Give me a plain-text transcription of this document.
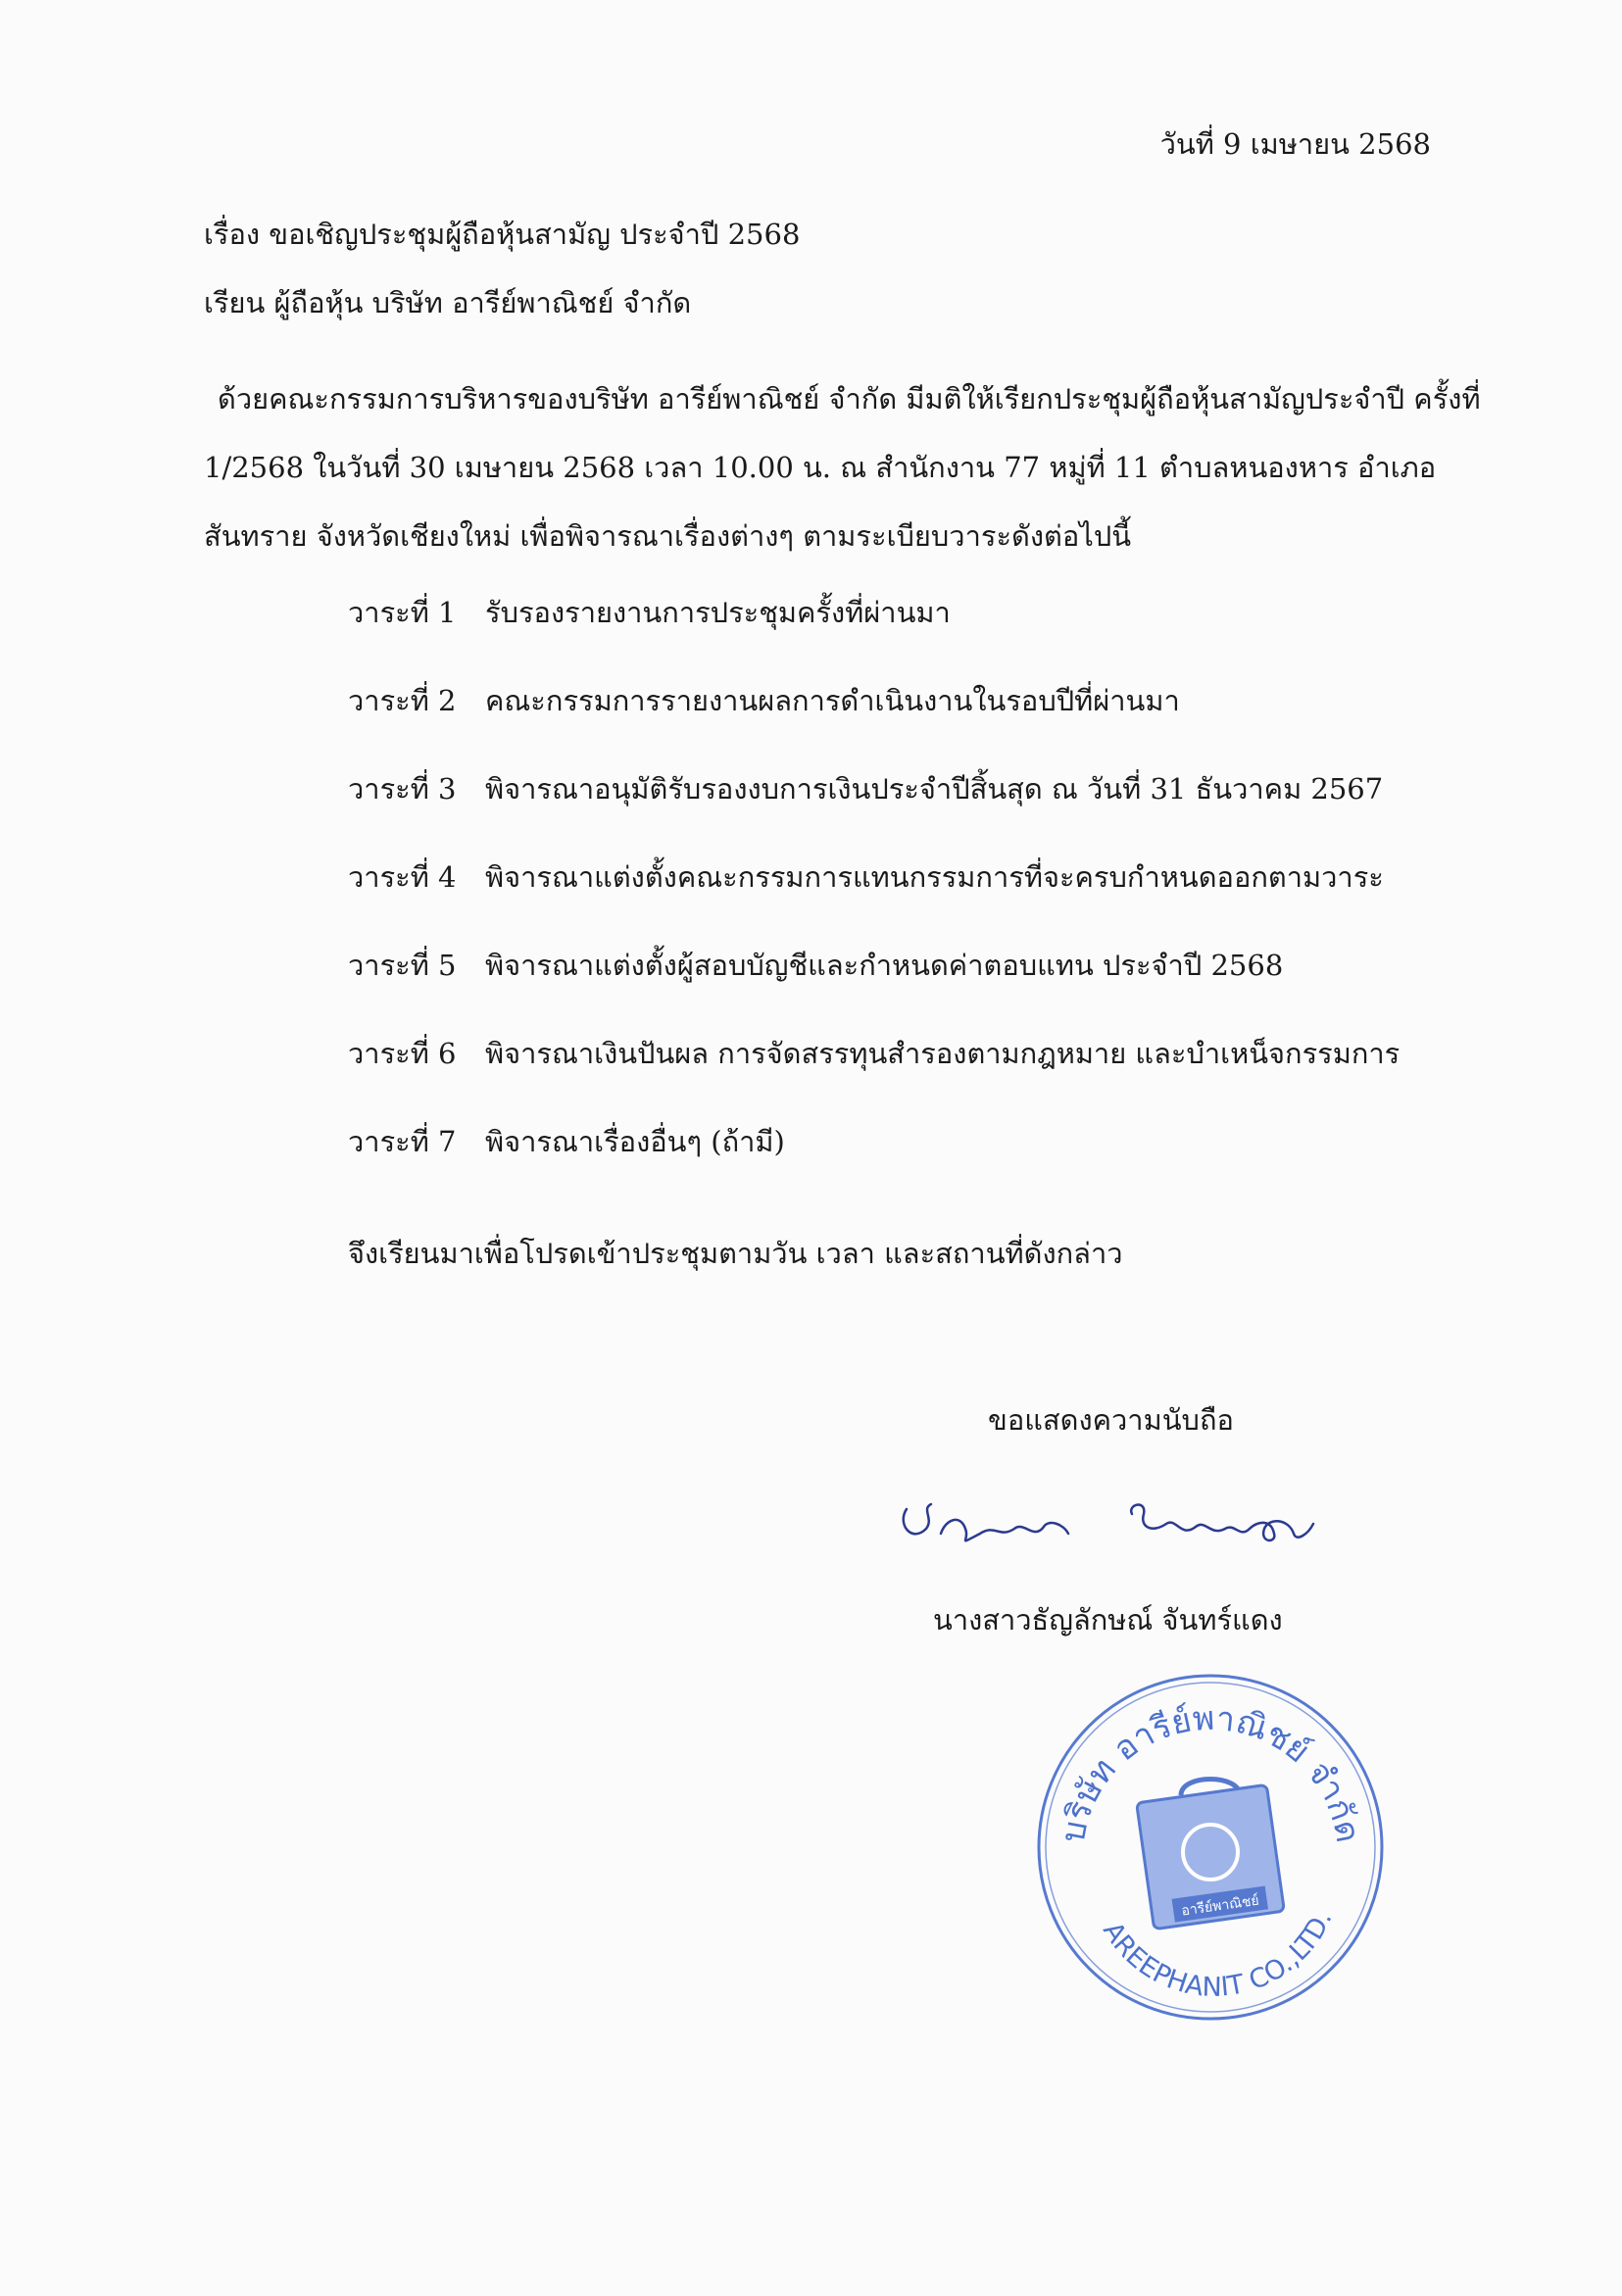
วันที่ 9 เมษายน 2568
เรื่อง ขอเชิญประชุมผู้ถือหุ้นสามัญ ประจำปี 2568
เรียน ผู้ถือหุ้น บริษัท อารีย์พาณิชย์ จำกัด
ด้วยคณะกรรมการบริหารของบริษัท อารีย์พาณิชย์ จำกัด มีมติให้เรียกประชุมผู้ถือหุ้นสามัญประจำปี ครั้งที่
1/2568 ในวันที่ 30 เมษายน 2568 เวลา 10.00 น. ณ สำนักงาน 77 หมู่ที่ 11 ตำบลหนองหาร อำเภอ
สันทราย จังหวัดเชียงใหม่ เพื่อพิจารณาเรื่องต่างๆ ตามระเบียบวาระดังต่อไปนี้
วาระที่ 1	รับรองรายงานการประชุมครั้งที่ผ่านมา
วาระที่ 2	คณะกรรมการรายงานผลการดำเนินงานในรอบปีที่ผ่านมา
วาระที่ 3	พิจารณาอนุมัติรับรองงบการเงินประจำปีสิ้นสุด ณ วันที่ 31 ธันวาคม 2567
วาระที่ 4	พิจารณาแต่งตั้งคณะกรรมการแทนกรรมการที่จะครบกำหนดออกตามวาระ
วาระที่ 5	พิจารณาแต่งตั้งผู้สอบบัญชีและกำหนดค่าตอบแทน ประจำปี 2568
วาระที่ 6	พิจารณาเงินปันผล การจัดสรรทุนสำรองตามกฎหมาย และบำเหน็จกรรมการ
วาระที่ 7	พิจารณาเรื่องอื่นๆ (ถ้ามี)
จึงเรียนมาเพื่อโปรดเข้าประชุมตามวัน เวลา และสถานที่ดังกล่าว
ขอแสดงความนับถือ
นางสาวธัญลักษณ์ จันทร์แดง
บริษัท อารีย์พาณิชย์ จำกัด
AREEPHANIT CO.,LTD.
อารีย์พาณิชย์
